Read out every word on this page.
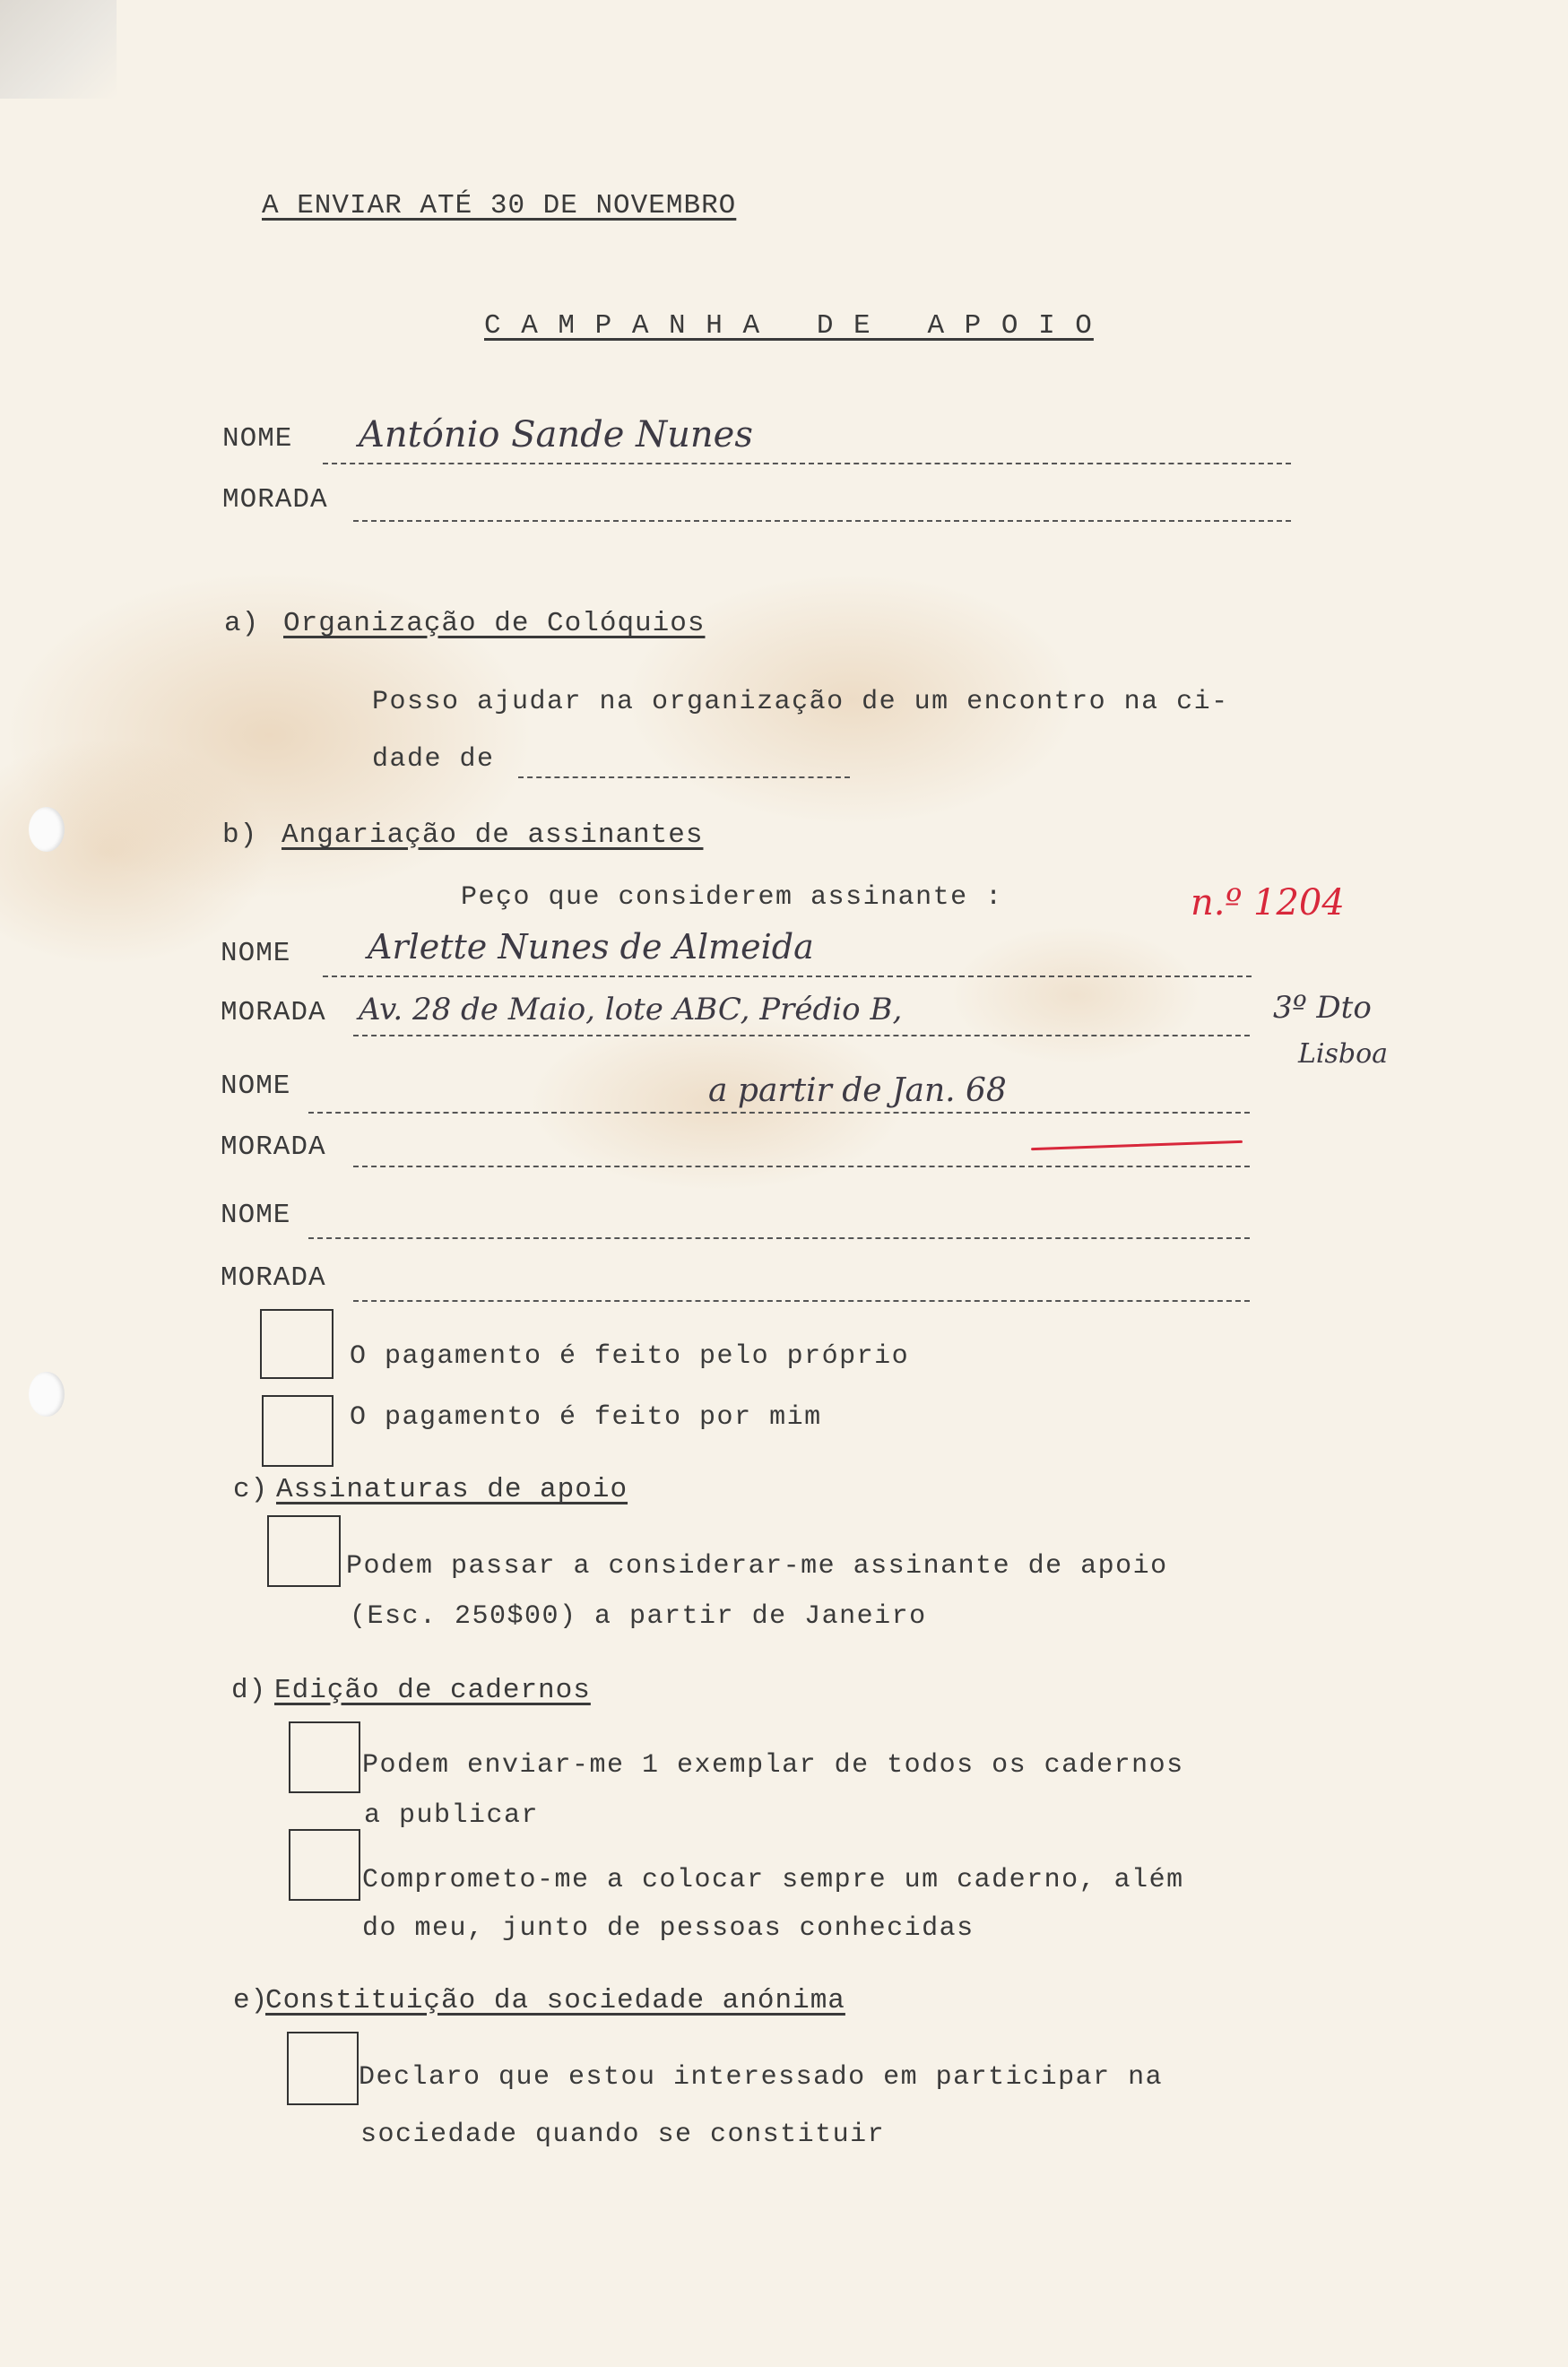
A ENVIAR ATÉ 30 DE NOVEMBRO
C A M P A N H A   D E   A P O I O
NOME António Sande Nunes
MORADA
a) Organização de Colóquios
Posso ajudar na organização de um encontro na ci-
dade de
b) Angariação de assinantes
Peço que considerem assinante :	n.º 1204
NOME Arlette Nunes de Almeida
MORADA Av. 28 de Maio, lote ABC, Prédio B,	3º Dto
Lisboa
NOME	a partir de Jan. 68
MORADA
NOME
MORADA
O pagamento é feito pelo próprio
O pagamento é feito por mim
c) Assinaturas de apoio
Podem passar a considerar-me assinante de apoio
(Esc. 250$00) a partir de Janeiro
d) Edição de cadernos
Podem enviar-me 1 exemplar de todos os cadernos
a publicar
Comprometo-me a colocar sempre um caderno, além
do meu, junto de pessoas conhecidas
e)
Constituição da sociedade anónima
Declaro que estou interessado em participar na
sociedade quando se constituir
